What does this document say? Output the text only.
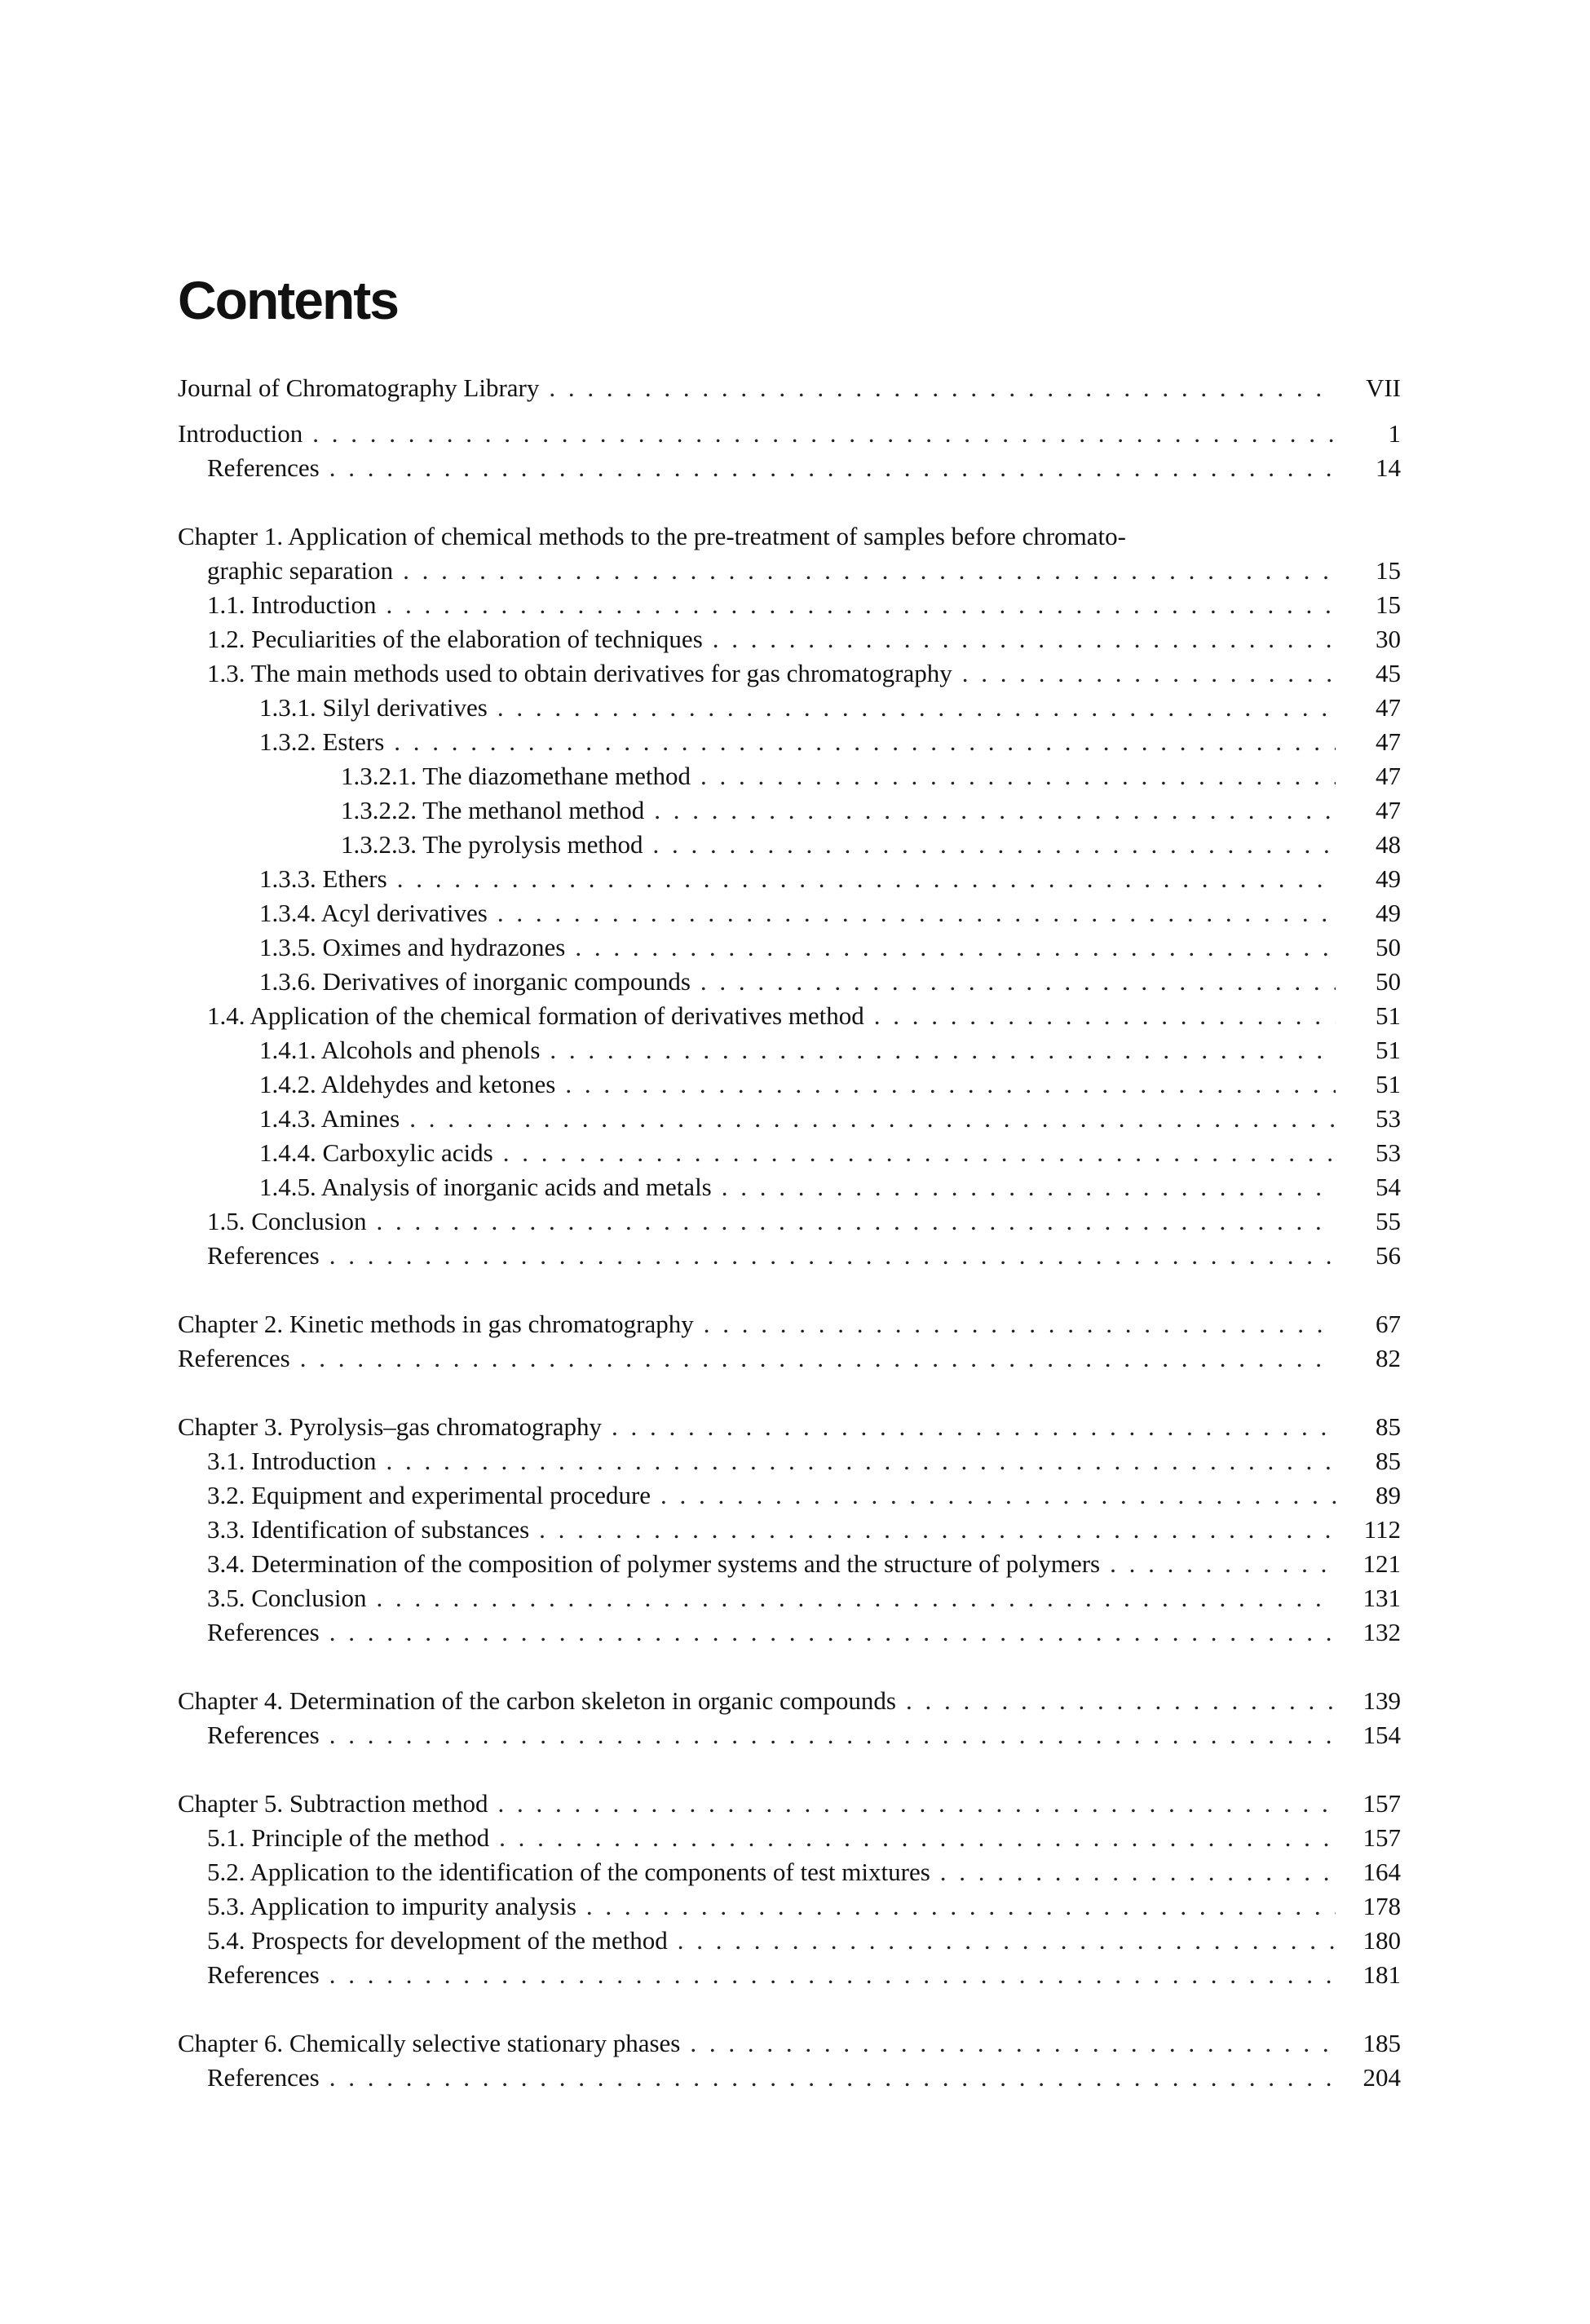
Contents
Journal of Chromatography Library . . .	VII
Introduction . . .	1
References . . .	14
Chapter 1. Application of chemical methods to the pre-treatment of samples before chromato-
graphic separation . . .	15
1.1. Introduction . . .	15
1.2. Peculiarities of the elaboration of techniques . . .	30
1.3. The main methods used to obtain derivatives for gas chromatography . . .	45
1.3.1. Silyl derivatives . . .	47
1.3.2. Esters . . .	47
1.3.2.1. The diazomethane method . . .	47
1.3.2.2. The methanol method . . .	47
1.3.2.3. The pyrolysis method . . .	48
1.3.3. Ethers . . .	49
1.3.4. Acyl derivatives . . .	49
1.3.5. Oximes and hydrazones . . .	50
1.3.6. Derivatives of inorganic compounds . . .	50
1.4. Application of the chemical formation of derivatives method . . .	51
1.4.1. Alcohols and phenols . . .	51
1.4.2. Aldehydes and ketones . . .	51
1.4.3. Amines . . .	53
1.4.4. Carboxylic acids . . .	53
1.4.5. Analysis of inorganic acids and metals . . .	54
1.5. Conclusion . . .	55
References . . .	56
Chapter 2. Kinetic methods in gas chromatography . . .	67
References . . .	82
Chapter 3. Pyrolysis–gas chromatography . . .	85
3.1. Introduction . . .	85
3.2. Equipment and experimental procedure . . .	89
3.3. Identification of substances . . .	112
3.4. Determination of the composition of polymer systems and the structure of polymers . . .	121
3.5. Conclusion . . .	131
References . . .	132
Chapter 4. Determination of the carbon skeleton in organic compounds . . .	139
References . . .	154
Chapter 5. Subtraction method . . .	157
5.1. Principle of the method . . .	157
5.2. Application to the identification of the components of test mixtures . . .	164
5.3. Application to impurity analysis . . .	178
5.4. Prospects for development of the method . . .	180
References . . .	181
Chapter 6. Chemically selective stationary phases . . .	185
References . . .	204
